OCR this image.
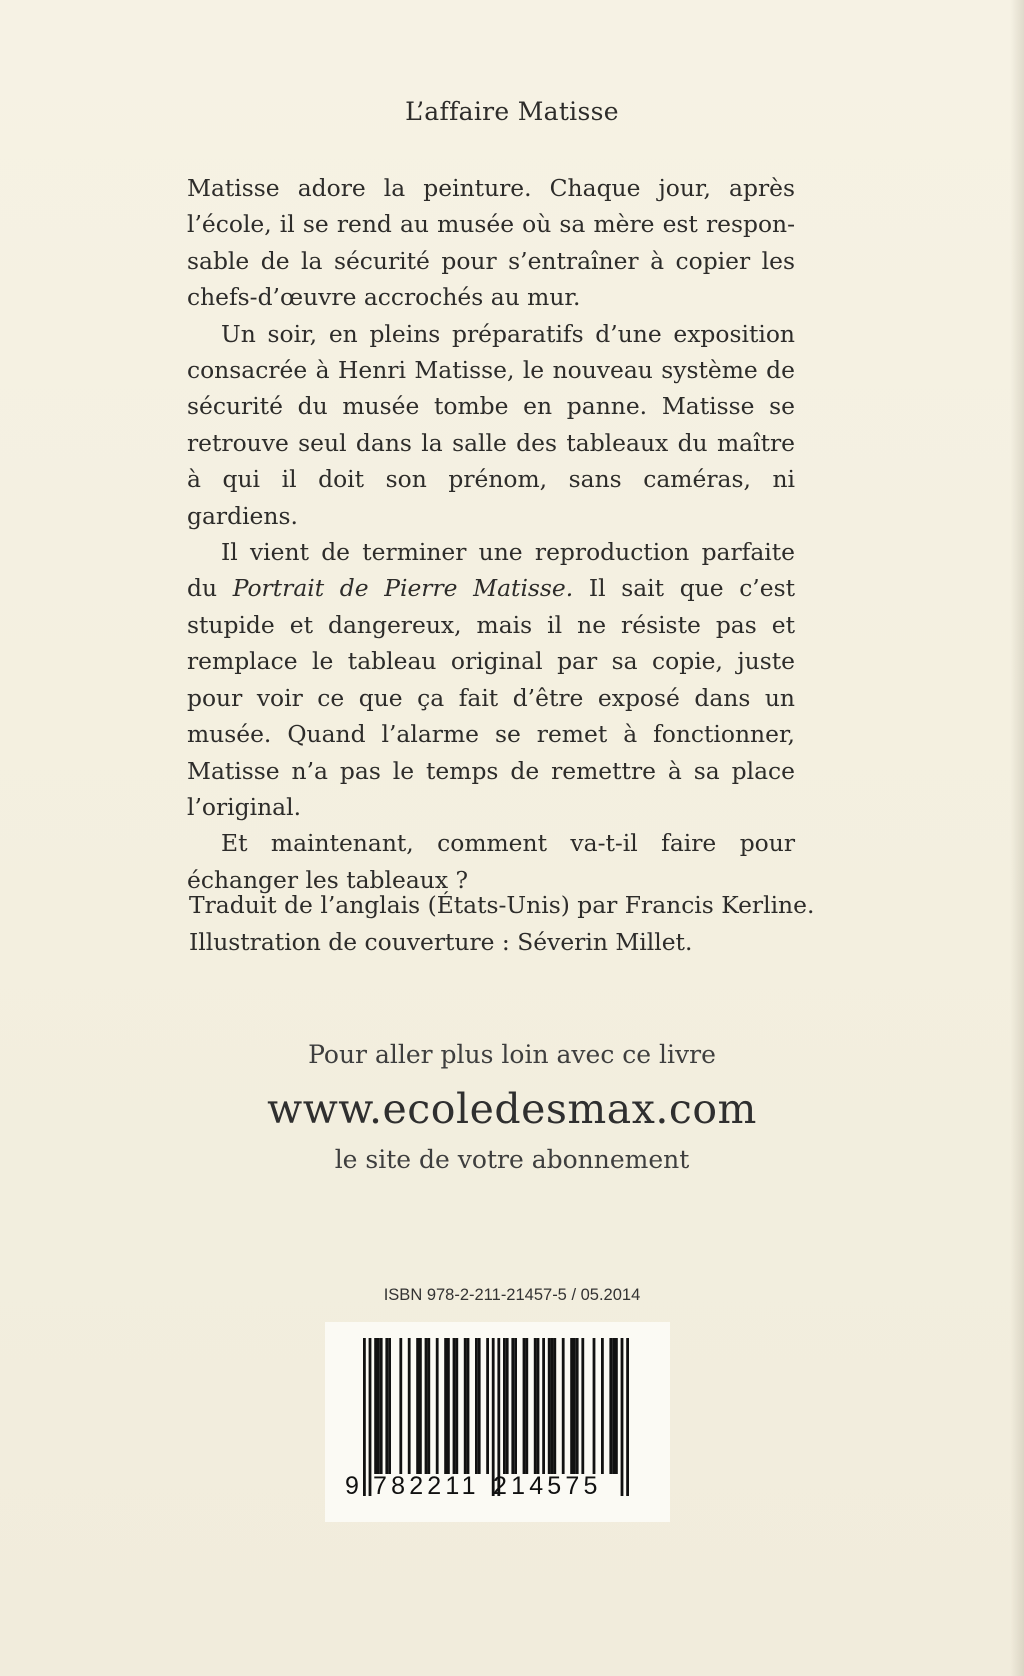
L’affaire Matisse

Matisse adore la peinture. Chaque jour, après l’école, il se rend au musée où sa mère est responsable de la sécurité pour s’entraîner à copier les chefs-d’œuvre accrochés au mur.

Un soir, en pleins préparatifs d’une exposition consacrée à Henri Matisse, le nouveau système de sécurité du musée tombe en panne. Matisse se retrouve seul dans la salle des tableaux du maître à qui il doit son prénom, sans caméras, ni gardiens.

Il vient de terminer une reproduction parfaite du Portrait de Pierre Matisse. Il sait que c’est stupide et dangereux, mais il ne résiste pas et remplace le tableau original par sa copie, juste pour voir ce que ça fait d’être exposé dans un musée. Quand l’alarme se remet à fonctionner, Matisse n’a pas le temps de remettre à sa place l’original.

Et maintenant, comment va-t-il faire pour échanger les tableaux ?

Traduit de l’anglais (États-Unis) par Francis Kerline.
Illustration de couverture : Séverin Millet.
Pour aller plus loin avec ce livre
www.ecoledesmax.com
le site de votre abonnement
ISBN 978-2-211-21457-5 / 05.2014
9 782211 214575
